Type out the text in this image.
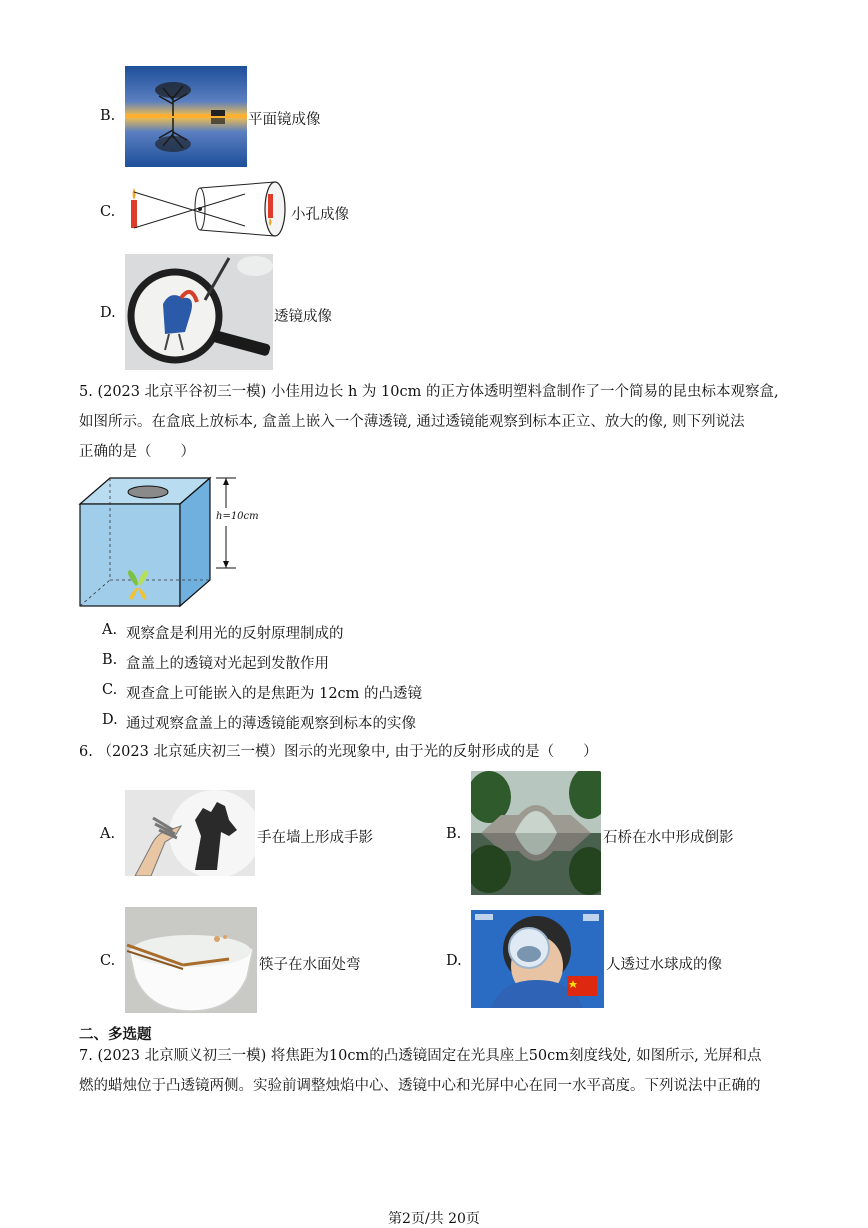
B.	平面镜成像
C.	小孔成像
D.	透镜成像
5. (2023 北京平谷初三一模) 小佳用边长 h 为 10cm 的正方体透明塑料盒制作了一个简易的昆虫标本观察盒,
如图所示。在盒底上放标本, 盒盖上嵌入一个薄透镜, 通过透镜能观察到标本正立、放大的像, 则下列说法
正确的是（　　）
h=10cm
A. 观察盒是利用光的反射原理制成的
B. 盒盖上的透镜对光起到发散作用
C. 观查盒上可能嵌入的是焦距为 12cm 的凸透镜
D. 通过观察盒盖上的薄透镜能观察到标本的实像
6. （2023 北京延庆初三一模）图示的光现象中, 由于光的反射形成的是（　　）
A.	手在墙上形成手影	B.	石桥在水中形成倒影
C.	筷子在水面处弯	D.	人透过水球成的像
二、多选题
7. (2023 北京顺义初三一模) 将焦距为10cm的凸透镜固定在光具座上50cm刻度线处, 如图所示, 光屏和点
燃的蜡烛位于凸透镜两侧。实验前调整烛焰中心、透镜中心和光屏中心在同一水平高度。下列说法中正确的
第2页/共 20页
